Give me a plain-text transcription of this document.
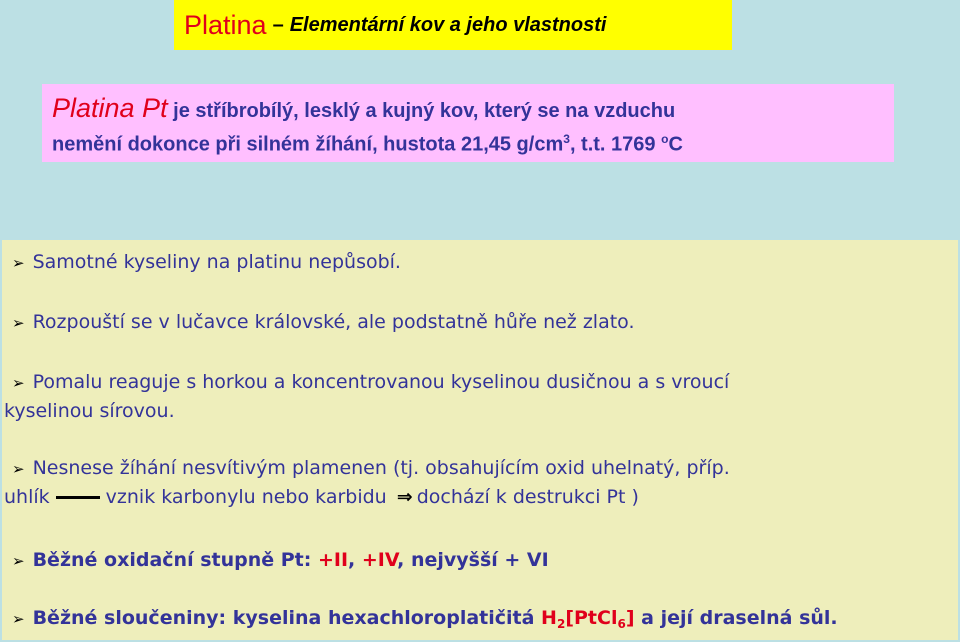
Platina – Elementární kov a jeho vlastnosti
Platina Pt je stříbrobílý, lesklý a kujný kov, který se na vzduchu
nemění dokonce při silném žíhání, hustota 21,45 $g/cm^3$, t.t. 1769 $^o$C
➢ Samotné kyseliny na platinu nepůsobí.
➢ Rozpouští se v lučavce královské, ale podstatně hůře než zlato.
➢ Pomalu reaguje s horkou a koncentrovanou kyselinou dusičnou a s vroucí
kyselinou sírovou.
➢ Nesnese žíhání nesvítivým plamenen (tj. obsahujícím oxid uhelnatý, příp.
uhlík	vznik karbonylu nebo karbidu ⇒ dochází k destrukci Pt )
➢ Běžné oxidační stupně Pt: +II, +IV, nejvyšší + VI
➢ Běžné sloučeniny: kyselina hexachloroplatičitá $H_2[PtCl_6]$ a její draselná sůl.
